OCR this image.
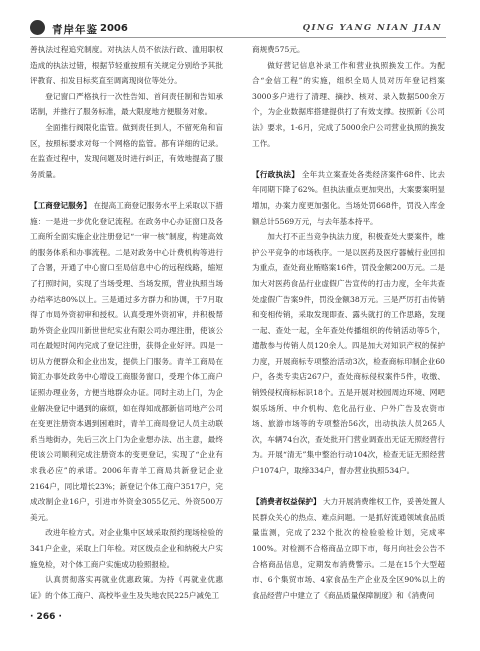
青岸年鉴 2006	QING YANG NIAN JIAN

善执法过程追究制度。对执法人员不依法行政、滥用职权造成的执法过错，根据节轻重按照有关规定分别给予其批评教育、扣发目标奖直至调离现岗位等处分。

登记窗口严格执行一次性告知、首问责任制和告知承诺制，并推行了服务标准，最大限度地方便服务对象。

全面推行阀限化监管。做到责任到人，不留死角和盲区，按照标要求对每一个网格的监管。都有详细的记录。在监查过程中，发现问题及时进行纠正，有效地提高了服务质量。

【工商登记服务】 在提高工商登记服务水平上采取以下措施：一是进一步优化登记流程。在政务中心办证窗口及各工商所全面实施企业注册登记“一审一核”制度，构建高效的服务体系和办事流程。二是对政务中心计费机构等进行了合署，开通了中心窗口至局信息中心的远程线路，缩短了打照时间，实现了当场受理、当场发照，营业执照当场办结率达80%以上。三是通过多方群力和协调，于7月取得了市局外资初审和授权。认真受理外资初审，并积极帮助外资企业四川新世世纪实业有限公司办理注册，使该公司在最短时间内完成了登记注册，获得企业好评。四是一切从方便群众和企业出发，提供上门服务。青羊工商局在简汇办事处政务中心增设工商服务窗口，受理个体工商户证照办理业务，方便当地群众办证。同时主动上门，为企业解决登记中遇到的麻烦，如在得知成都新信司地产公司在变更注册资本遇到困难时，青羊工商局登记人员主动联系当地街办，先后三次上门为企业想办法、出主意，最终使该公司顺利完成注册资本的变更登记，实现了“企业有求我必应”的承诺。2006年青羊工商局共新登记企业2164户，同比增长23%；新登记个体工商户3517户，完成改制企业16户，引进市外资金3055亿元、外资500万美元。

改进年检方式。对企业集中区域采取预约现场检验的341户企业，采取上门年检。对区级点企业和纳税大户实施免检，对个体工商户实施成功验照报检。

认真贯彻落实再就业优惠政策。为持《再就业优惠证》的个体工商户、高校毕业生及失地农民225户减免工

商规费575元。

做好营记信息补录工作和营业执照换发工作。为配合“金信工程”的实施，组织全局人员对历年登记档案3000多户进行了清理、摘抄、核对、录入数据500余万个，为企业数据库搭建提供打了有效支撑。按照新《公司法》要求，1-6月，完成了5000余户公司营业执照的换发工作。

【行政执法】 全年共立案查处各类经济案件68件、比去年同期下降了62%。但执法重点更加突出，大案要案明显增加，办案力度更加强化。当场处罚668件，罚没入库金额总计5569万元，与去年基本持平。

加大打不正当竞争执法力度，积极查处大要案件，维护公平竞争的市场秩序。一是以医药及医疗器械行业回扣为重点，查处商业贿赂案16件，罚没金额200万元。二是加大对医药食品行业虚假广告宣传的打击力度，全年共查处虚假广告案9件，罚没金额38万元。三是严厉打击传销和变相传销，采取发现即查、露头就打的工作思路，发现一起、查处一起，全年查处传播组织的传销活动等5个，遣散参与传销人员120余人。四是加大对知识产权的保护力度，开展商标专项整治活动3次，检查商标印制企业60户，各类专卖店267户，查处商标侵权案件5件，收缴、销毁侵权商标标识18个。五是开展对校园周边环境、网吧娱乐场所、中介机构、危化品行业、户外广告及农资市场、旅游市场等的专项整治56次，出动执法人员265人次，车辆74台次，查处批开门营业调查出无证无照经营行为。开展“清无”集中整治行动104次，检查无证无照经营户1074户，取缔334户，督办营业执照534户。

【消费者权益保护】 大力开展消费维权工作，妥善处置人民群众关心的热点、难点问题。一是抓好流通领域食品质量监测，完成了232个批次的检验验检计划，完成率100%。对检测不合格商品立即下市，每月向社会公告不合格商品信息，定期发布消费警示。二是在15个大型超市、6个集贸市场、4家食品生产企业及全区90%以上的食品经营户中建立了《商品质量保障制度》和《消费问

· 266 ·
